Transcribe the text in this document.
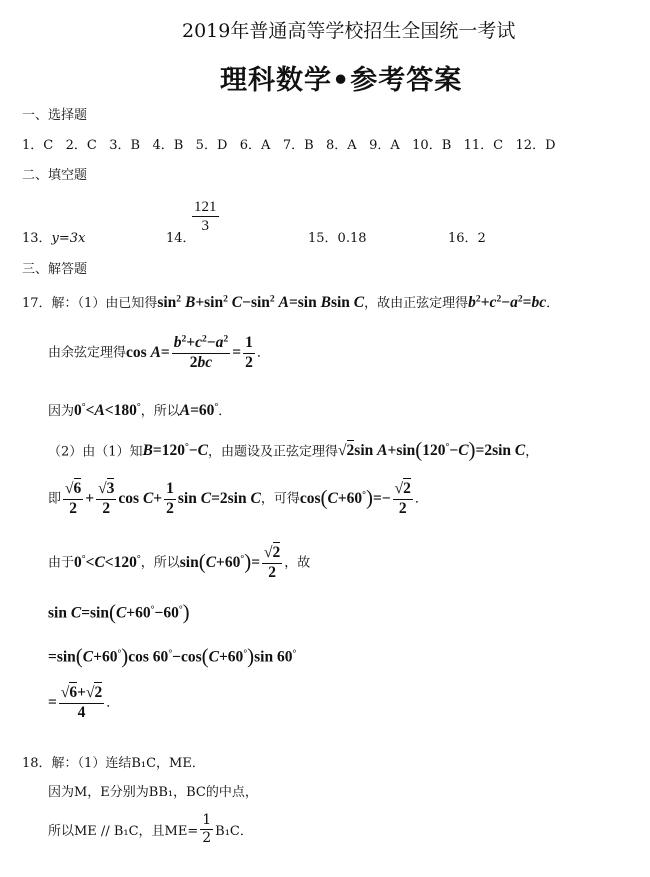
2019年普通高等学校招生全国统一考试
理科数学•参考答案
一、选择题
1．C   2．C   3．B   4．B   5．D   6．A   7．B   8．A   9．A   10．B   11．C   12．D
二、填空题
13．y=3x	14．
$\frac{121}{3}$
15．0.18	16．2
三、解答题
17．解：（1）由已知得$\sin^2 B+\sin^2$ $C-\sin^2$ A=sin Bsin C，故由正弦定理得$b^2+c^2-a^2=bc$．
由余弦定理得$\cos A= \frac{b^2+c^2-a^2}{2bc} = \frac{1}{2}$ ．
因为0°<A<180°，所以A=60°．
（2）由（1）知B=120°−C，由题设及正弦定理得√2sin A+sin(120°−C)=2sin C，
即 $\frac{√6}{2} + \frac{√3}{2}$ $\cos C+ \frac{1}{2}$ sin C=2sin C，可得$\cos(C+60^\circ)=- \frac{√2}{2}$ ．
由于0°<C<120°，所以$\sin(C+60^\circ)= \frac{√2}{2}$ ，故
sin C=sin(C+60°−60°)
=sin(C+60°)cos 60°−cos(C+60°)sin 60°
= $\frac{√6+√2}{4}$ ．
18．解：（1）连结B₁C，ME．
因为M，E分别为BB₁，BC的中点，
所以ME // B₁C，且$ME= \frac{1}{2} B_1C$．
